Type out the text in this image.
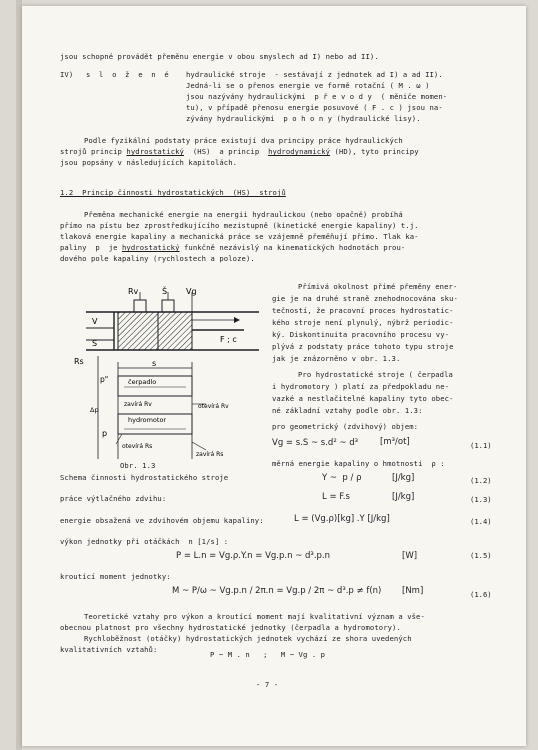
jsou schopné provádět přeměnu energie v obou smyslech ad I) nebo ad II).
IV) s l o ž e n é hydraulické stroje  - sestávají z jednotek ad I) a ad II).
Jedná-li se o přenos energie ve formě rotační ( M . ω )
jsou nazývány hydraulickými  p ř e v o d y  ( měniče momen-
tu), v případě přenosu energie posuvové ( F . c ) jsou na-
zývány hydraulickými  p o h o n y (hydraulické lisy).
Podle fyzikální podstaty práce existují dva principy práce hydraulických
strojů princip hydrostatický  (HS)  a princip  hydrodynamický (HD), tyto principy
jsou popsány v následujících kapitolách.
1.2  Princip činnosti hydrostatických  (HS)  strojů
Přeměna mechanické energie na energii hydraulickou (nebo opačně) probíhá
přímo na pístu bez zprostředkujícího mezistupně (kinetické energie kapaliny) t.j.
tlaková energie kapaliny a mechanická práce se vzájemně přeměňují přímo. Tlak ka-
paliny  p  je hydrostatický funkčně nezávislý na kinematických hodnotách prou-
dového pole kapaliny (rychlostech a poloze).
Přímivá okolnost přímé přeměny ener-
gie je na druhé straně znehodnocována sku-
tečností, že pracovní proces hydrostatic-
kého stroje není plynulý, nýbrž periodic-
ký. Diskontinuita pracovního procesu vy-
plývá z podstaty práce tohoto typu stroje
jak je znázorněno v obr. 1.3.
Pro hydrostatické stroje ( čerpadla
i hydromotory ) platí za předpokladu ne-
vazké a nestlačitelné kapaliny tyto obec-
né základní vztahy podle obr. 1.3:
pro geometrický (zdvihový) objem:
Vg = s.S ~ s.d² ~ d³	[m³/ot]	(1.1)
měrná energie kapaliny o hmotnosti  ρ :
Y ~  p / ρ	[J/kg]	(1.2)
Obr. 1.3
Schema činnosti hydrostatického stroje
práce výtlačného zdvihu:	L = F.s	[J/kg]	(1.3)
energie obsažená ve zdvihovém objemu kapaliny:	L = (Vg.ρ)[kg] .Y [J/kg]	(1.4)
výkon jednotky při otáčkách  n [1/s] :
P = L.n = Vg.ρ.Y.n = Vg.p.n ~ d³.p.n	[W]	(1.5)
kroutící moment jednotky:
M ~ P/ω ~ Vg.p.n / 2π.n = Vg.p / 2π ~ d³.p ≠ f(n) [Nm]	(1.6)
Teoretické vztahy pro výkon a kroutící moment mají kvalitativní význam a vše-
obecnou platnost pro všechny hydrostatické jednotky (čerpadla a hydromotory).
Rychloběžnost (otáčky) hydrostatických jednotek vychází ze shora uvedených
kvalitativních vztahů:
P ~ M . n   ;   M ~ Vg . p
- 7 -
Rv	Š Vg
V
S	F ; c
Rs	s
p"	čerpadlo
zavírá Rv	otevírá Rv
Δp
hydromotor
p
otevírá Rs
zavírá Rs
